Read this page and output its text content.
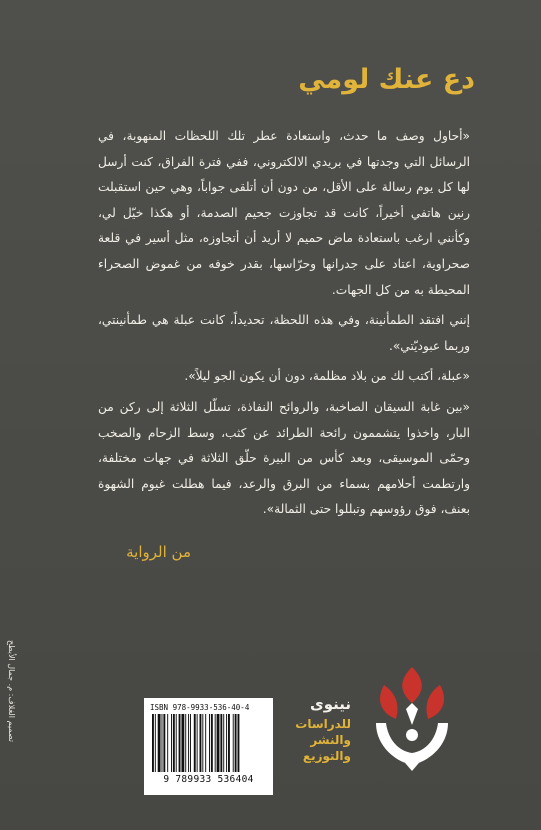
دع عنك لومي

«أحاول وصف ما حدث، واستعادة عطر تلك اللحظات المنهوبة، في الرسائل التي وجدتها في بريدي الالكتروني، ففي فترة الفراق، كنت أرسل لها كل يوم رسالة على الأقل، من دون أن أتلقى جواباً، وهي حين استقبلت رنين هاتفي أخيراً، كانت قد تجاوزت جحيم الصدمة، أو هكذا خيّل لي، وكأنني ارغب باستعادة ماض حميم لا أريد أن أتجاوزه، مثل أسير في قلعة صحراوية، اعتاد على جدرانها وحرّاسها، بقدر خوفه من غموض الصحراء المحيطة به من كل الجهات.

إنني افتقد الطمأنينة، وفي هذه اللحظة، تحديداً، كانت عبلة هي طمأنينتي، وربما عبوديّتي».

«عبلة، أكتب لك من بلاد مظلمة، دون أن يكون الجو ليلاً».

«بين غابة السيقان الصاخبة، والروائح النفاذة، تسلّل الثلاثة إلى ركن من البار، واخذوا يتشممون رائحة الطرائد عن كثب، وسط الزحام والصخب وحمّى الموسيقى، وبعد كأس من البيرة حلّق الثلاثة في جهات مختلفة، وارتطمت أحلامهم بسماء من البرق والرعد، فيما هطلت غيوم الشهوة بعنف، فوق رؤوسهم وتبللوا حتى الثمالة».

من الرواية
تصميم الغلاف: م. جمال الأبطح	ISBN 978-9933-536-40-4
9 789933 536404
نينوى
للدراسات
والنشر
والتوزيع
